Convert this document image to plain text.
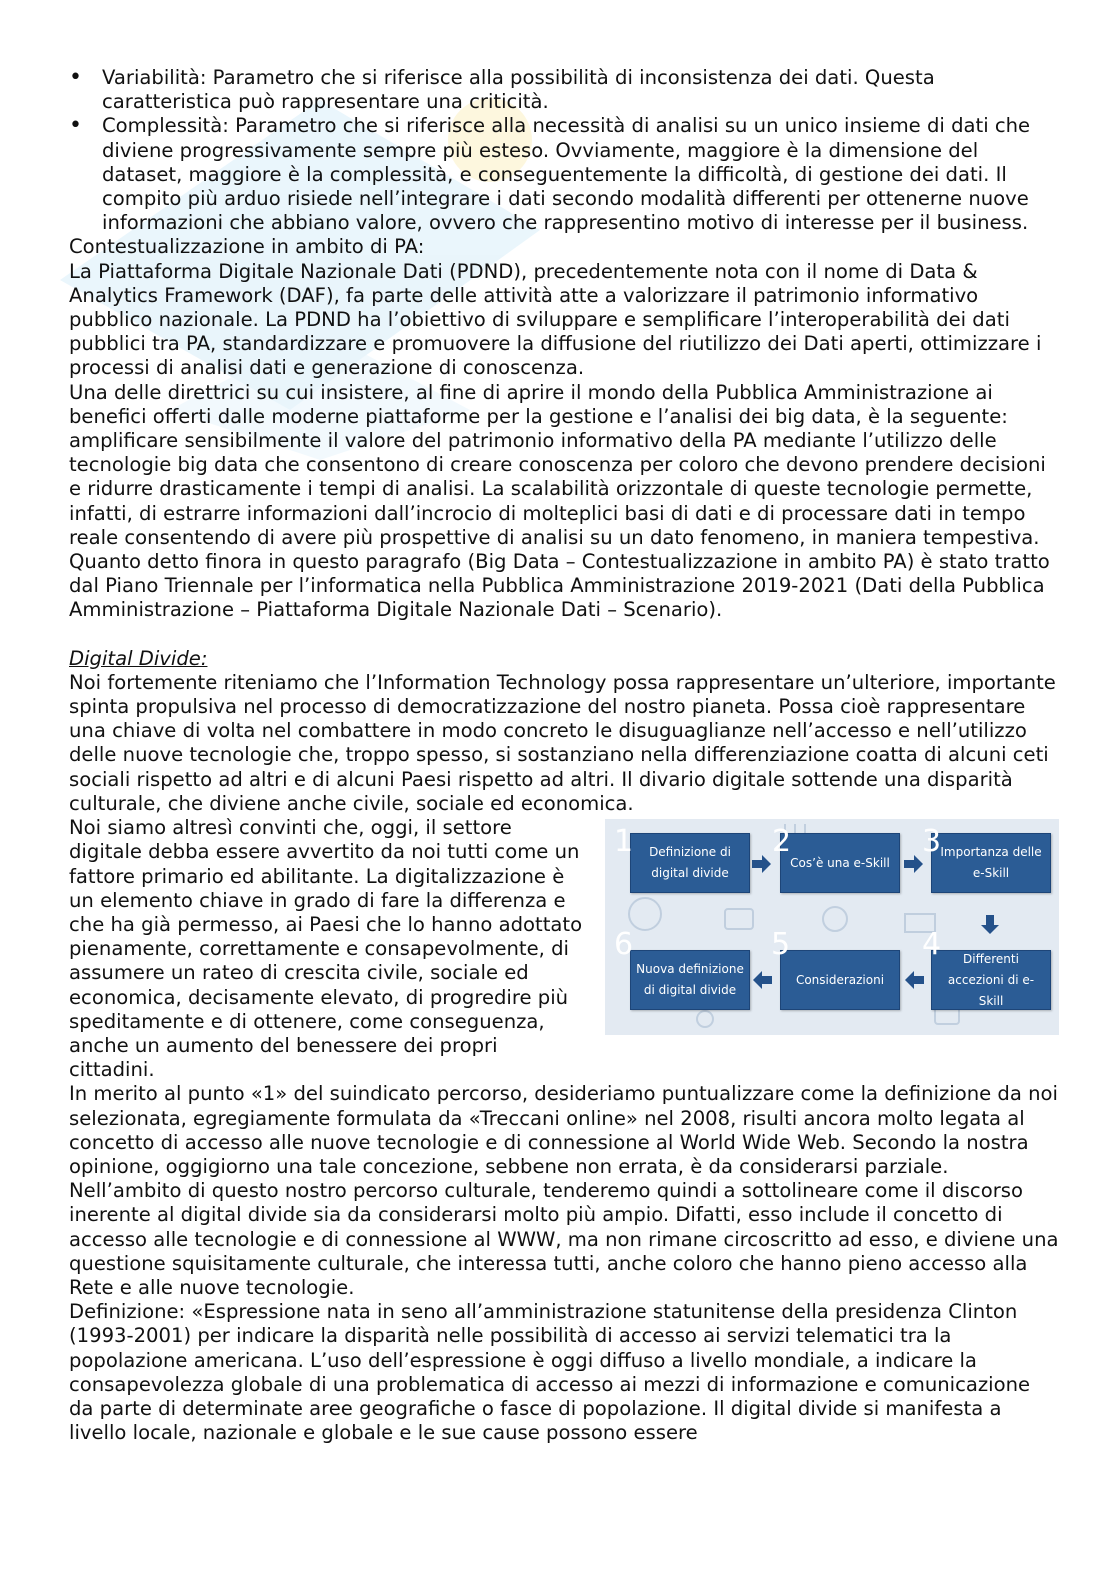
• Variabilità: Parametro che si riferisce alla possibilità di inconsistenza dei dati. Questa caratteristica può rappresentare una criticità.
• Complessità: Parametro che si riferisce alla necessità di analisi su un unico insieme di dati che diviene progressivamente sempre più esteso. Ovviamente, maggiore è la dimensione del dataset, maggiore è la complessità, e conseguentemente la difficoltà, di gestione dei dati. Il compito più arduo risiede nell’integrare i dati secondo modalità differenti per ottenerne nuove informazioni che abbiano valore, ovvero che rappresentino motivo di interesse per il business.

Contestualizzazione in ambito di PA:

La Piattaforma Digitale Nazionale Dati (PDND), precedentemente nota con il nome di Data & Analytics Framework (DAF), fa parte delle attività atte a valorizzare il patrimonio informativo pubblico nazionale. La PDND ha l’obiettivo di sviluppare e semplificare l’interoperabilità dei dati pubblici tra PA, standardizzare e promuovere la diffusione del riutilizzo dei Dati aperti, ottimizzare i processi di analisi dati e generazione di conoscenza.

Una delle direttrici su cui insistere, al fine di aprire il mondo della Pubblica Amministrazione ai benefici offerti dalle moderne piattaforme per la gestione e l’analisi dei big data, è la seguente: amplificare sensibilmente il valore del patrimonio informativo della PA mediante l’utilizzo delle tecnologie big data che consentono di creare conoscenza per coloro che devono prendere decisioni e ridurre drasticamente i tempi di analisi. La scalabilità orizzontale di queste tecnologie permette, infatti, di estrarre informazioni dall’incrocio di molteplici basi di dati e di processare dati in tempo reale consentendo di avere più prospettive di analisi su un dato fenomeno, in maniera tempestiva.

Quanto detto finora in questo paragrafo (Big Data – Contestualizzazione in ambito PA) è stato tratto dal Piano Triennale per l’informatica nella Pubblica Amministrazione 2019-2021 (Dati della Pubblica Amministrazione – Piattaforma Digitale Nazionale Dati – Scenario).

Digital Divide:

Noi fortemente riteniamo che l’Information Technology possa rappresentare un’ulteriore, importante spinta propulsiva nel processo di democratizzazione del nostro pianeta. Possa cioè rappresentare una chiave di volta nel combattere in modo concreto le disuguaglianze nell’accesso e nell’utilizzo delle nuove tecnologie che, troppo spesso, si sostanziano nella differenziazione coatta di alcuni ceti sociali rispetto ad altri e di alcuni Paesi rispetto ad altri. Il divario digitale sottende una disparità culturale, che diviene anche civile, sociale ed economica.

Definizione di digital divide
1
Cos’è una e-Skill
2	Importanza delle e-Skill
3
Differenti accezioni di e-Skill
4
Considerazioni
5
Nuova definizione di digital divide
6

Noi siamo altresì convinti che, oggi, il settore digitale debba essere avvertito da noi tutti come un fattore primario ed abilitante. La digitalizzazione è un elemento chiave in grado di fare la differenza e che ha già permesso, ai Paesi che lo hanno adottato pienamente, correttamente e consapevolmente, di assumere un rateo di crescita civile, sociale ed economica, decisamente elevato, di progredire più speditamente e di ottenere, come conseguenza, anche un aumento del benessere dei propri cittadini.

In merito al punto «1» del suindicato percorso, desideriamo puntualizzare come la definizione da noi selezionata, egregiamente formulata da «Treccani online» nel 2008, risulti ancora molto legata al concetto di accesso alle nuove tecnologie e di connessione al World Wide Web. Secondo la nostra opinione, oggigiorno una tale concezione, sebbene non errata, è da considerarsi parziale. Nell’ambito di questo nostro percorso culturale, tenderemo quindi a sottolineare come il discorso inerente al digital divide sia da considerarsi molto più ampio. Difatti, esso include il concetto di accesso alle tecnologie e di connessione al WWW, ma non rimane circoscritto ad esso, e diviene una questione squisitamente culturale, che interessa tutti, anche coloro che hanno pieno accesso alla Rete e alle nuove tecnologie.

Definizione: «Espressione nata in seno all’amministrazione statunitense della presidenza Clinton (1993-2001) per indicare la disparità nelle possibilità di accesso ai servizi telematici tra la popolazione americana. L’uso dell’espressione è oggi diffuso a livello mondiale, a indicare la consapevolezza globale di una problematica di accesso ai mezzi di informazione e comunicazione da parte di determinate aree geografiche o fasce di popolazione. Il digital divide si manifesta a livello locale, nazionale e globale e le sue cause possono essere
